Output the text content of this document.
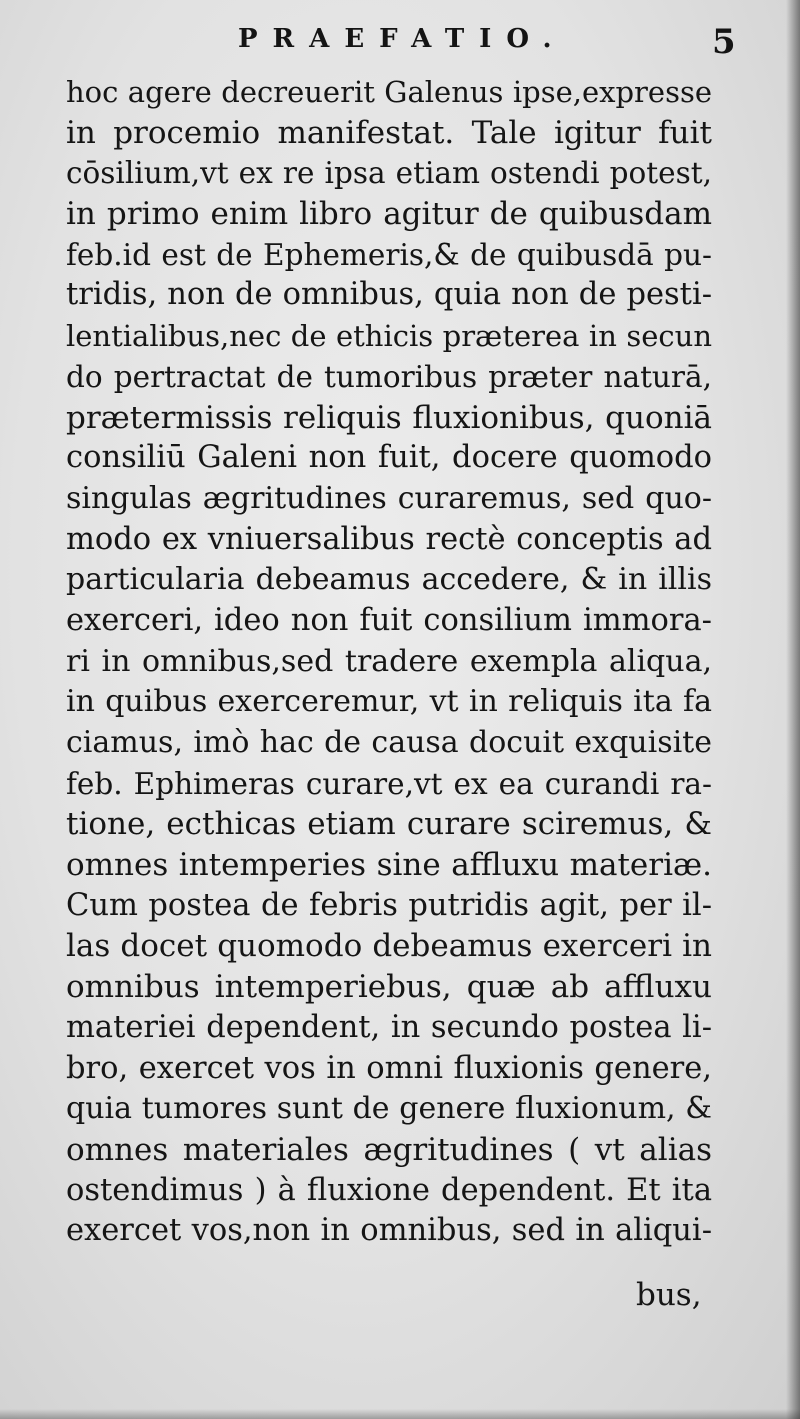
PRAEFATIO.	5
hoc agere decreuerit Galenus ipse,expresse
in procemio manifestat. Tale igitur fuit
cōsilium,vt ex re ipsa etiam ostendi potest,
in primo enim libro agitur de quibusdam
feb.id est de Ephemeris,& de quibusdā pu-
tridis, non de omnibus, quia non de pesti-
lentialibus,nec de ethicis præterea in secun
do pertractat de tumoribus præter naturā,
prætermissis reliquis fluxionibus, quoniā
consiliū Galeni non fuit, docere quomodo
singulas ægritudines curaremus, sed quo-
modo ex vniuersalibus rectè conceptis ad
particularia debeamus accedere, & in illis
exerceri, ideo non fuit consilium immora-
ri in omnibus,sed tradere exempla aliqua,
in quibus exerceremur, vt in reliquis ita fa
ciamus, imò hac de causa docuit exquisite
feb. Ephimeras curare,vt ex ea curandi ra-
tione, ecthicas etiam curare sciremus, &
omnes intemperies sine affluxu materiæ.
Cum postea de febris putridis agit, per il-
las docet quomodo debeamus exerceri in
omnibus intemperiebus, quæ ab affluxu
materiei dependent, in secundo postea li-
bro, exercet vos in omni fluxionis genere,
quia tumores sunt de genere fluxionum, &
omnes materiales ægritudines ( vt alias
ostendimus ) à fluxione dependent. Et ita
exercet vos,non in omnibus, sed in aliqui-
bus,
